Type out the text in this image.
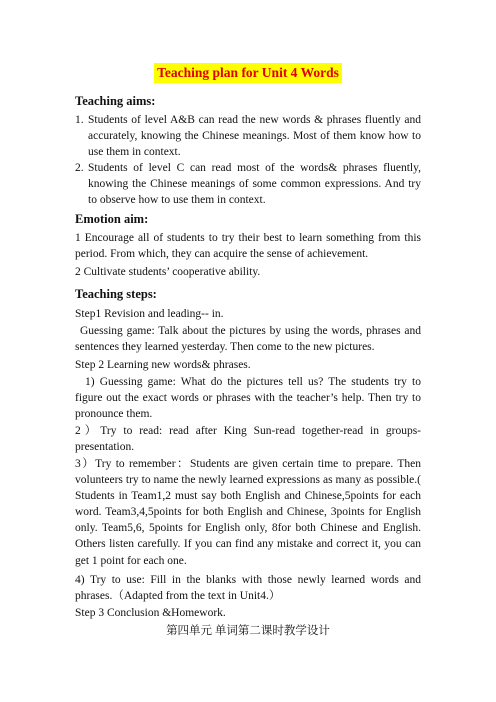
Teaching plan for Unit 4 Words
Teaching aims:
1. Students of level A&B can read the new words & phrases fluently and accurately, knowing the Chinese meanings. Most of them know how to use them in context.

2. Students of level C can read most of the words& phrases fluently, knowing the Chinese meanings of some common expressions. And try to observe how to use them in context.

Emotion aim:
1 Encourage all of students to try their best to learn something from this period. From which, they can acquire the sense of achievement.
2 Cultivate students’ cooperative ability.
Teaching steps:
Step1 Revision and leading-- in.
Guessing game: Talk about the pictures by using the words, phrases and sentences they learned yesterday. Then come to the new pictures.
Step 2 Learning new words& phrases.
1) Guessing game: What do the pictures tell us? The students try to figure out the exact words or phrases with the teacher’s help. Then try to pronounce them.
2）Try to read: read after King Sun-read together-read in groups-presentation.
3）Try to remember：Students are given certain time to prepare. Then volunteers try to name the newly learned expressions as many as possible.( Students in Team1,2 must say both English and Chinese,5points for each word. Team3,4,5points for both English and Chinese, 3points for English only. Team5,6, 5points for English only, 8for both Chinese and English. Others listen carefully. If you can find any mistake and correct it, you can get 1 point for each one.
4) Try to use: Fill in the blanks with those newly learned words and phrases.（Adapted from the text in Unit4.）
Step 3 Conclusion &Homework.
第四单元 单词第二课时教学设计
